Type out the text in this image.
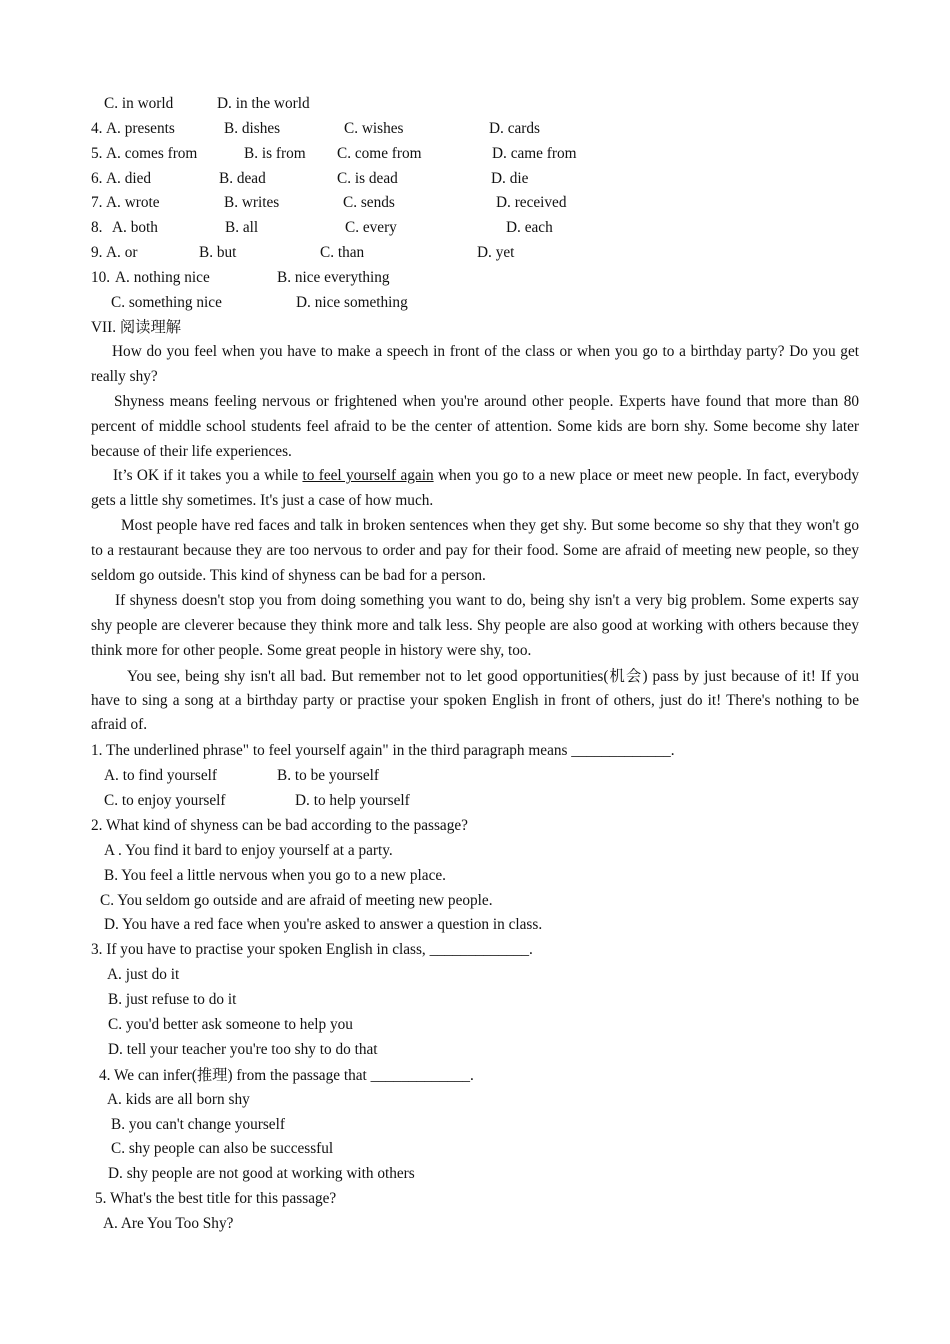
C. in world	D. in the world
4. A. presents	B. dishes	C. wishes	D. cards
5. A. comes from	B. is from C. come from	D. came from
6. A. died	B. dead	C. is dead	D. die
7. A. wrote	B. writes	C. sends	D. received
8. A. both	B. all	C. every	D. each
9. A. or	B. but	C. than	D. yet
10. A. nothing nice	B. nice everything
C. something nice	D. nice something
VII. 阅读理解
How do you feel when you have to make a speech in front of the class or when you go to a birthday party? Do you get really shy?
Shyness means feeling nervous or frightened when you're around other people. Experts have found that more than 80 percent of middle school students feel afraid to be the center of attention. Some kids are born shy. Some become shy later because of their life experiences.
It’s OK if it takes you a while to feel yourself again when you go to a new place or meet new people. In fact, everybody gets a little shy sometimes. It's just a case of how much.
Most people have red faces and talk in broken sentences when they get shy. But some become so shy that they won't go to a restaurant because they are too nervous to order and pay for their food. Some are afraid of meeting new people, so they seldom go outside. This kind of shyness can be bad for a person.
If shyness doesn't stop you from doing something you want to do, being shy isn't a very big problem. Some experts say shy people are cleverer because they think more and talk less. Shy people are also good at working with others because they think more for other people. Some great people in history were shy, too.
You see, being shy isn't all bad. But remember not to let good opportunities(机会) pass by just because of it! If you have to sing a song at a birthday party or practise your spoken English in front of others, just do it! There's nothing to be afraid of.
1. The underlined phrase" to feel yourself again" in the third paragraph means _____________.
A. to find yourself	B. to be yourself
C. to enjoy yourself	D. to help yourself
2. What kind of shyness can be bad according to the passage?
A . You find it bard to enjoy yourself at a party.
B. You feel a little nervous when you go to a new place.
C. You seldom go outside and are afraid of meeting new people.
D. You have a red face when you're asked to answer a question in class.
3. If you have to practise your spoken English in class, _____________.
A. just do it
B. just refuse to do it
C. you'd better ask someone to help you
D. tell your teacher you're too shy to do that
4. We can infer(推理) from the passage that _____________.
A. kids are all born shy
B. you can't change yourself
C. shy people can also be successful
D. shy people are not good at working with others
5. What's the best title for this passage?
A. Are You Too Shy?
